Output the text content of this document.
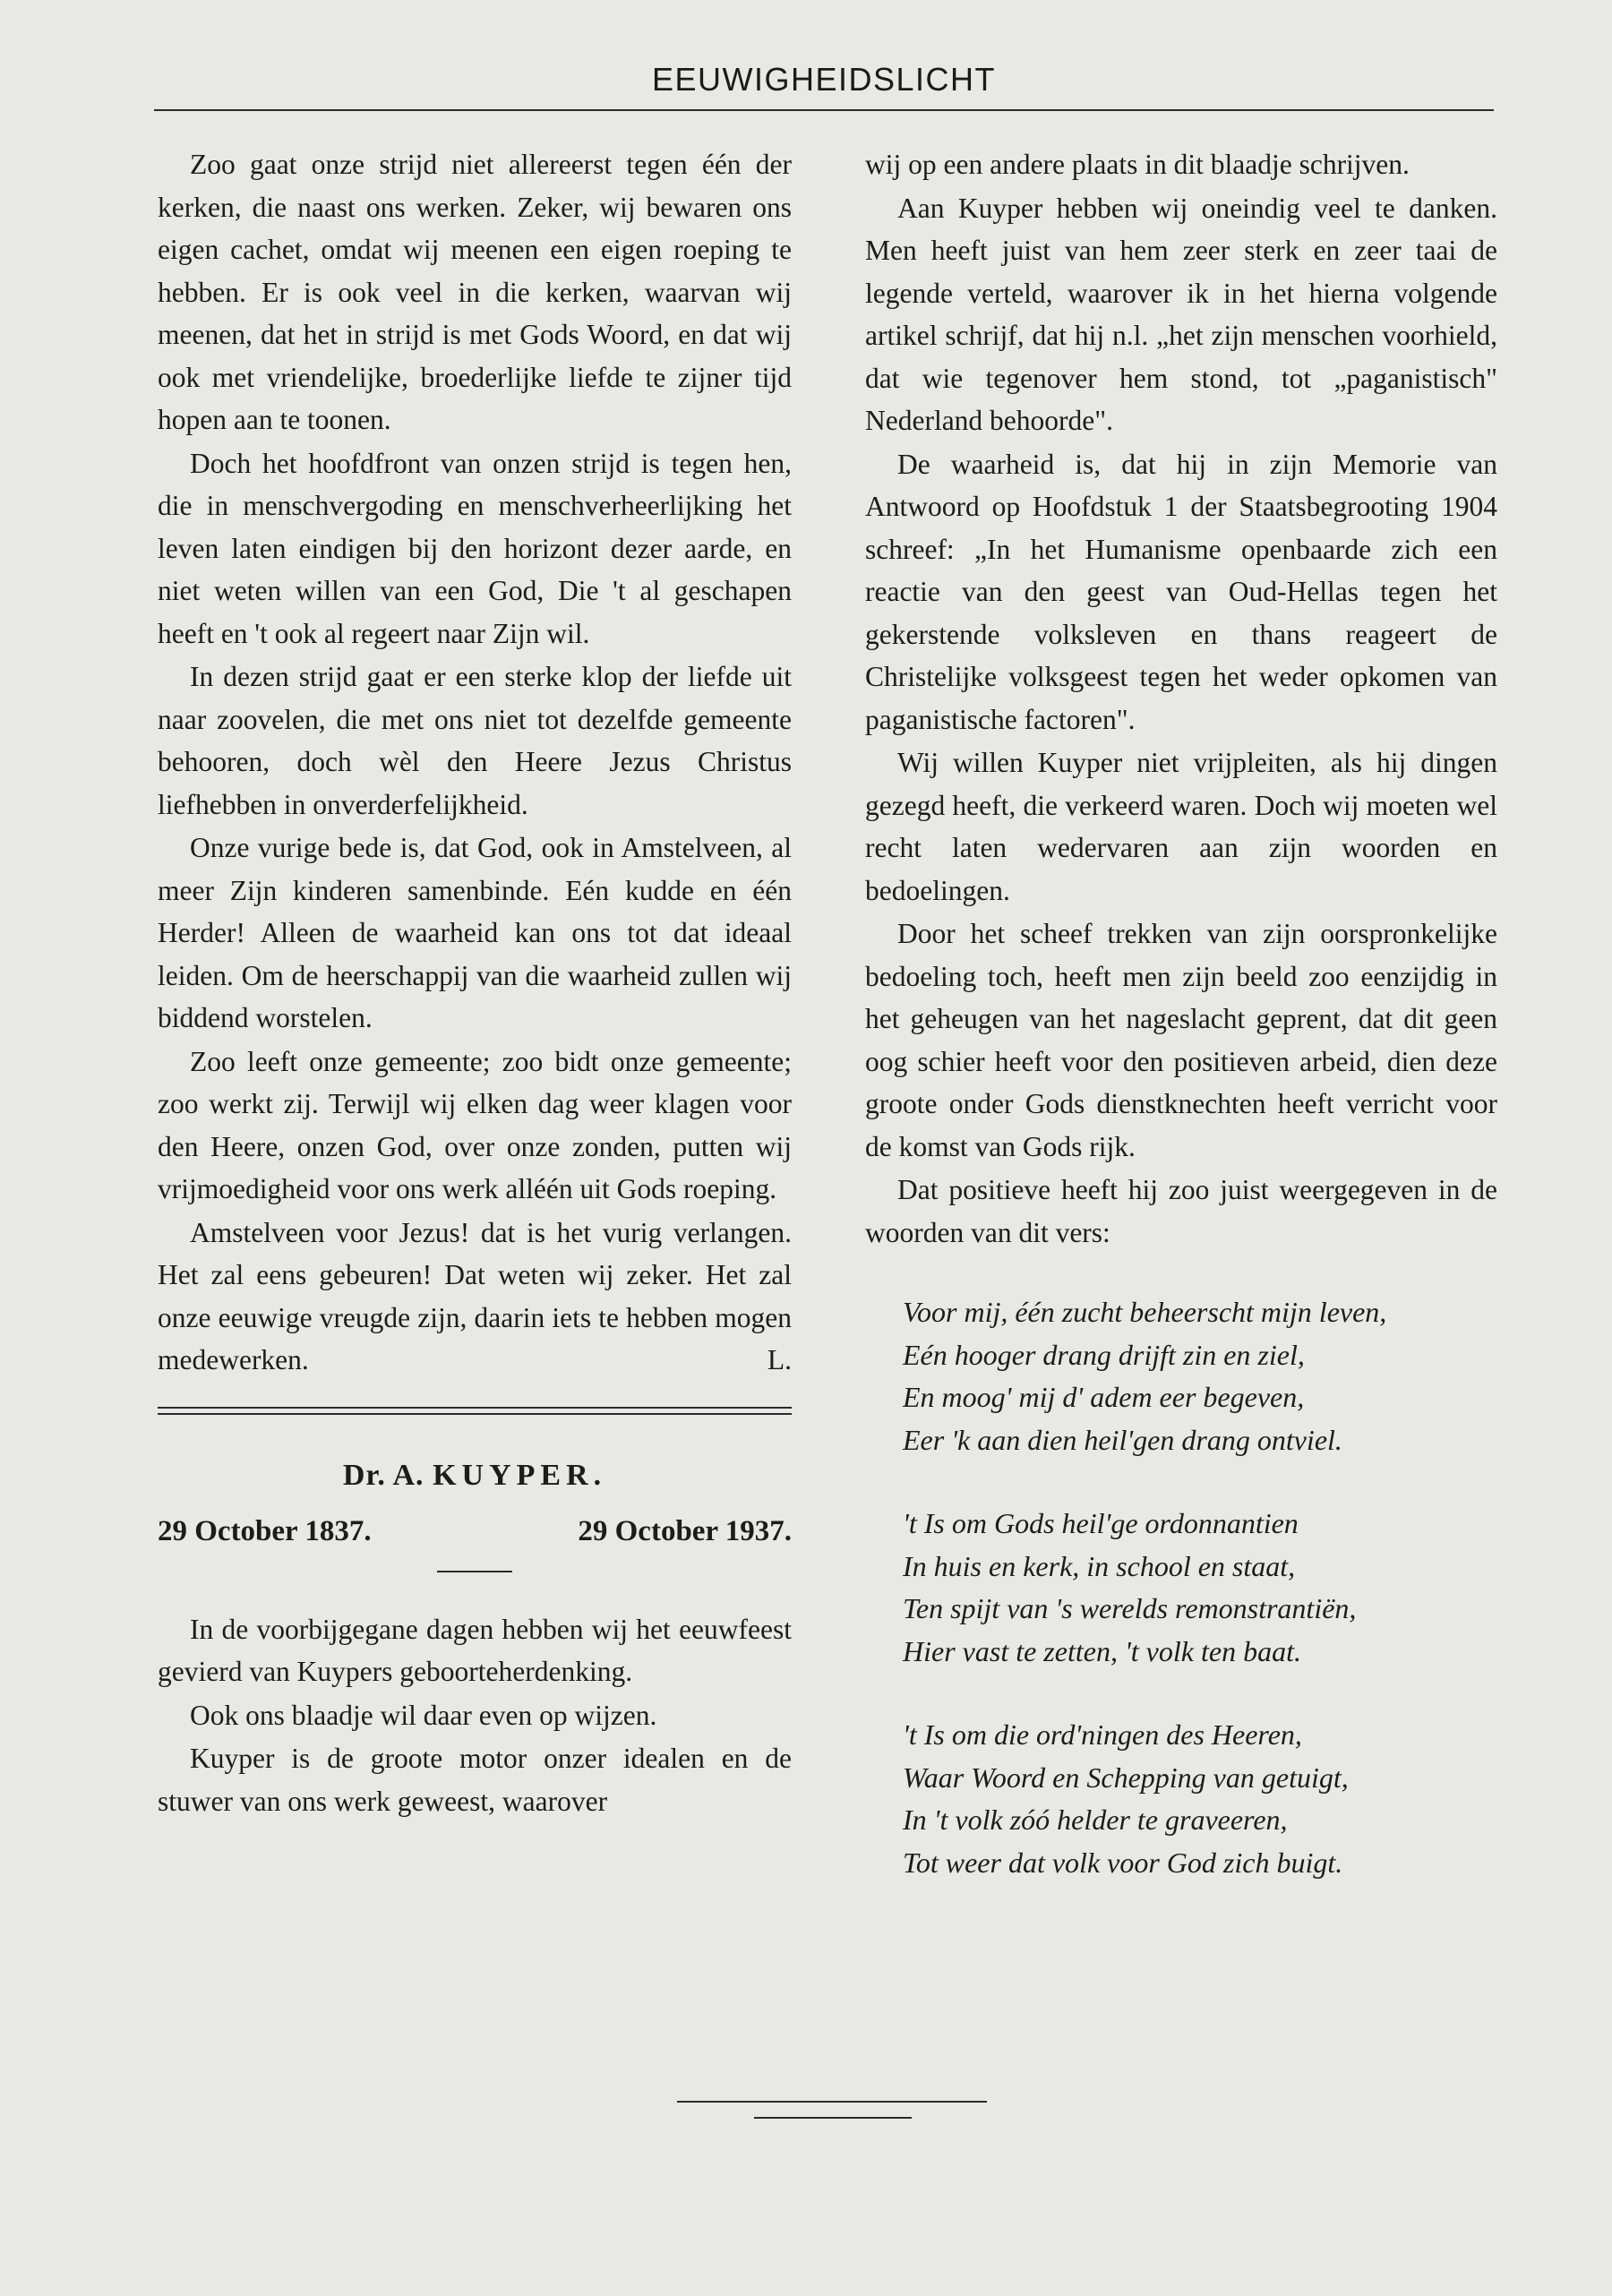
EEUWIGHEIDSLICHT

Zoo gaat onze strijd niet allereerst tegen één der kerken, die naast ons werken. Zeker, wij bewaren ons eigen cachet, omdat wij meenen een eigen roeping te hebben. Er is ook veel in die kerken, waarvan wij meenen, dat het in strijd is met Gods Woord, en dat wij ook met vriendelijke, broederlijke liefde te zijner tijd hopen aan te toonen.

Doch het hoofdfront van onzen strijd is tegen hen, die in menschvergoding en menschverheerlijking het leven laten eindigen bij den horizont dezer aarde, en niet weten willen van een God, Die 't al geschapen heeft en 't ook al regeert naar Zijn wil.

In dezen strijd gaat er een sterke klop der liefde uit naar zoovelen, die met ons niet tot dezelfde gemeente behooren, doch wèl den Heere Jezus Christus liefhebben in onverderfelijkheid.

Onze vurige bede is, dat God, ook in Amstelveen, al meer Zijn kinderen samenbinde. Eén kudde en één Herder! Alleen de waarheid kan ons tot dat ideaal leiden. Om de heerschappij van die waarheid zullen wij biddend worstelen.

Zoo leeft onze gemeente; zoo bidt onze gemeente; zoo werkt zij. Terwijl wij elken dag weer klagen voor den Heere, onzen God, over onze zonden, putten wij vrijmoedigheid voor ons werk alléén uit Gods roeping.

Amstelveen voor Jezus! dat is het vurig verlangen. Het zal eens gebeuren! Dat weten wij zeker. Het zal onze eeuwige vreugde zijn, daarin iets te hebben mogen medewerken.	L.

Dr. A. KUYPER.
29 October 1837.	29 October 1937.

In de voorbijgegane dagen hebben wij het eeuwfeest gevierd van Kuypers geboorteherdenking.

Ook ons blaadje wil daar even op wijzen.

Kuyper is de groote motor onzer idealen en de stuwer van ons werk geweest, waarover

wij op een andere plaats in dit blaadje schrijven.

Aan Kuyper hebben wij oneindig veel te danken. Men heeft juist van hem zeer sterk en zeer taai de legende verteld, waarover ik in het hierna volgende artikel schrijf, dat hij n.l. „het zijn menschen voorhield, dat wie tegenover hem stond, tot „paganistisch" Nederland behoorde".

De waarheid is, dat hij in zijn Memorie van Antwoord op Hoofdstuk 1 der Staatsbegrooting 1904 schreef: „In het Humanisme openbaarde zich een reactie van den geest van Oud-Hellas tegen het gekerstende volksleven en thans reageert de Christelijke volksgeest tegen het weder opkomen van paganistische factoren".

Wij willen Kuyper niet vrijpleiten, als hij dingen gezegd heeft, die verkeerd waren. Doch wij moeten wel recht laten wedervaren aan zijn woorden en bedoelingen.

Door het scheef trekken van zijn oorspronkelijke bedoeling toch, heeft men zijn beeld zoo eenzijdig in het geheugen van het nageslacht geprent, dat dit geen oog schier heeft voor den positieven arbeid, dien deze groote onder Gods dienstknechten heeft verricht voor de komst van Gods rijk.

Dat positieve heeft hij zoo juist weergegeven in de woorden van dit vers:

Voor mij, één zucht beheerscht mijn leven,
Eén hooger drang drijft zin en ziel,
En moog' mij d' adem eer begeven,
Eer 'k aan dien heil'gen drang ontviel.
't Is om Gods heil'ge ordonnantien
In huis en kerk, in school en staat,
Ten spijt van 's werelds remonstrantiën,
Hier vast te zetten, 't volk ten baat.
't Is om die ord'ningen des Heeren,
Waar Woord en Schepping van getuigt,
In 't volk zóó helder te graveeren,
Tot weer dat volk voor God zich buigt.
